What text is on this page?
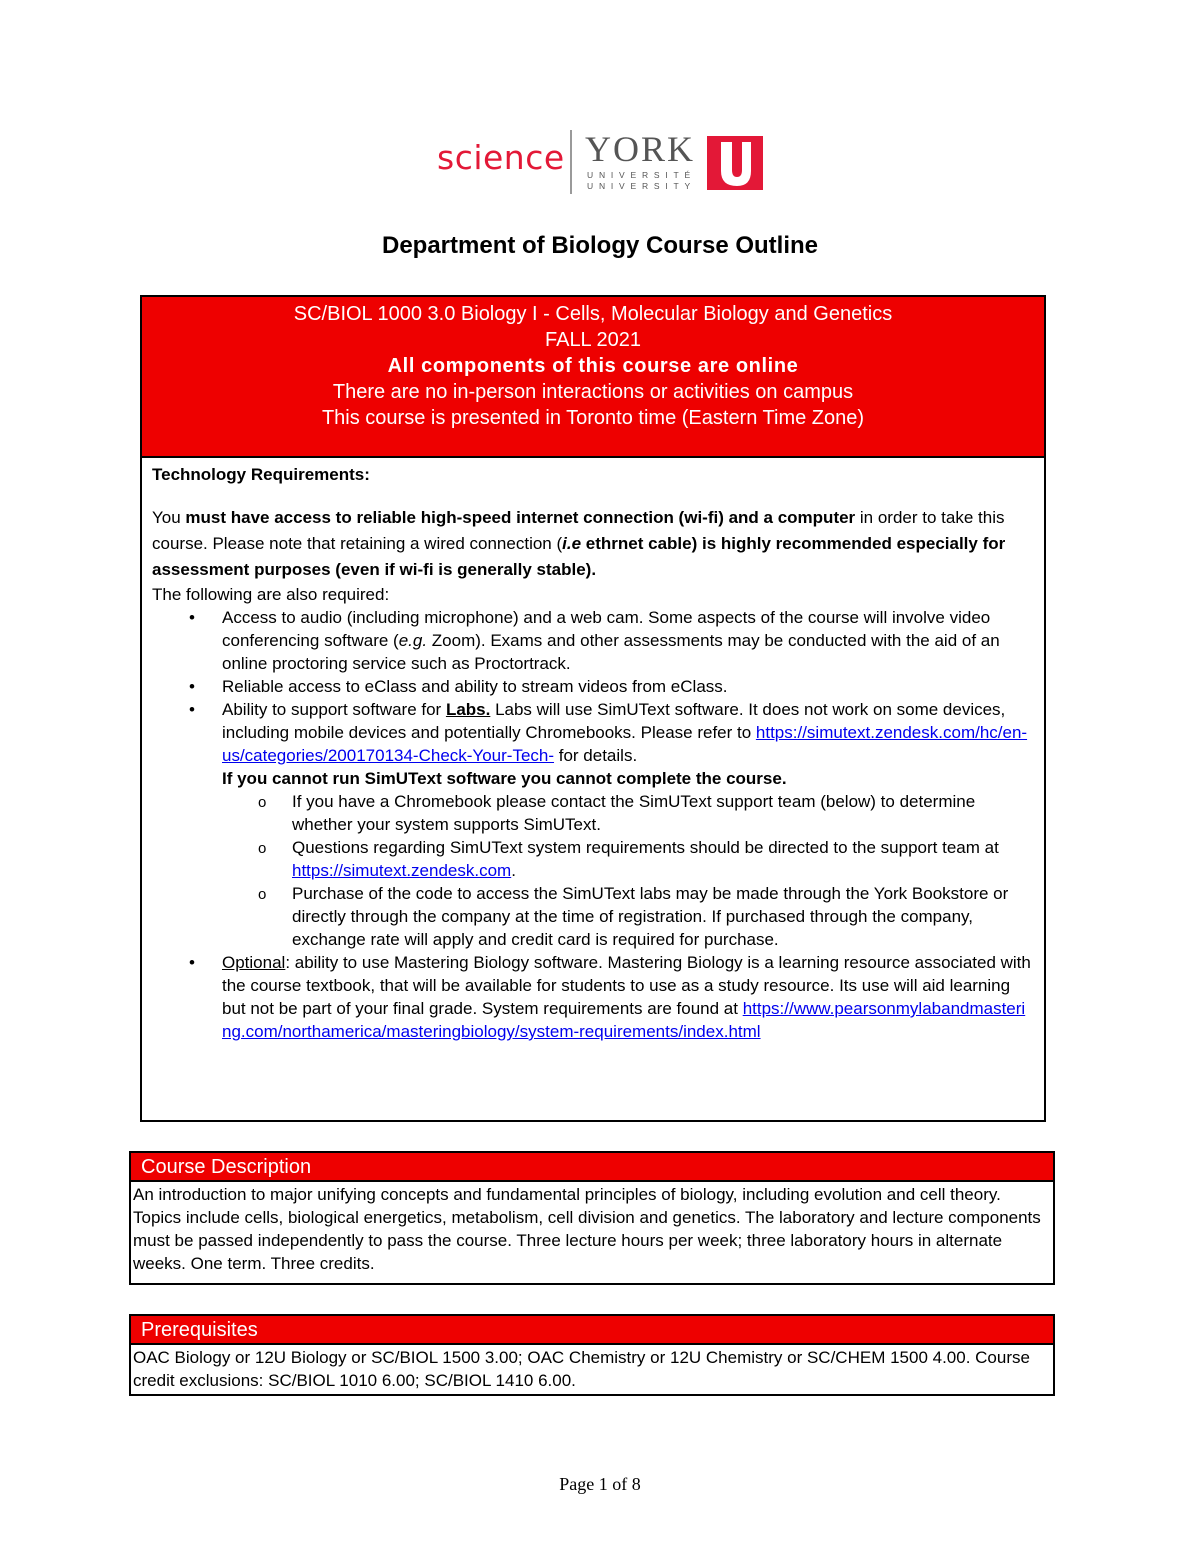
science YORK
UNIVERSITÉ
UNIVERSITY
Department of Biology Course Outline
SC/BIOL 1000 3.0 Biology I - Cells, Molecular Biology and Genetics
FALL 2021
All components of this course are online
There are no in-person interactions or activities on campus
This course is presented in Toronto time (Eastern Time Zone)
Technology Requirements:

You must have access to reliable high-speed internet connection (wi-fi) and a computer in order to take this course. Please note that retaining a wired connection (i.e ethrnet cable) is highly recommended especially for assessment purposes (even if wi-fi is generally stable).

The following are also required:

• Access to audio (including microphone) and a web cam. Some aspects of the course will involve video conferencing software (e.g. Zoom). Exams and other assessments may be conducted with the aid of an online proctoring service such as Proctortrack.
• Reliable access to eClass and ability to stream videos from eClass.
• Ability to support software for Labs. Labs will use SimUText software. It does not work on some devices, including mobile devices and potentially Chromebooks. Please refer to https://simutext.zendesk.com/hc/en-us/categories/200170134-Check-Your-Tech- for details.
If you cannot run SimUText software you cannot complete the course.
o If you have a Chromebook please contact the SimUText support team (below) to determine whether your system supports SimUText.
o Questions regarding SimUText system requirements should be directed to the support team at https://simutext.zendesk.com.
o Purchase of the code to access the SimUText labs may be made through the York Bookstore or directly through the company at the time of registration. If purchased through the company, exchange rate will apply and credit card is required for purchase.
• Optional: ability to use Mastering Biology software. Mastering Biology is a learning resource associated with the course textbook, that will be available for students to use as a study resource. Its use will aid learning but not be part of your final grade. System requirements are found at https://www.pearsonmylabandmastering.com/northamerica/masteringbiology/system-requirements/index.html
Course Description
An introduction to major unifying concepts and fundamental principles of biology, including evolution and cell theory. Topics include cells, biological energetics, metabolism, cell division and genetics. The laboratory and lecture components must be passed independently to pass the course. Three lecture hours per week; three laboratory hours in alternate weeks. One term. Three credits.
Prerequisites
OAC Biology or 12U Biology or SC/BIOL 1500 3.00; OAC Chemistry or 12U Chemistry or SC/CHEM 1500 4.00. Course credit exclusions: SC/BIOL 1010 6.00; SC/BIOL 1410 6.00.
Page 1 of 8
